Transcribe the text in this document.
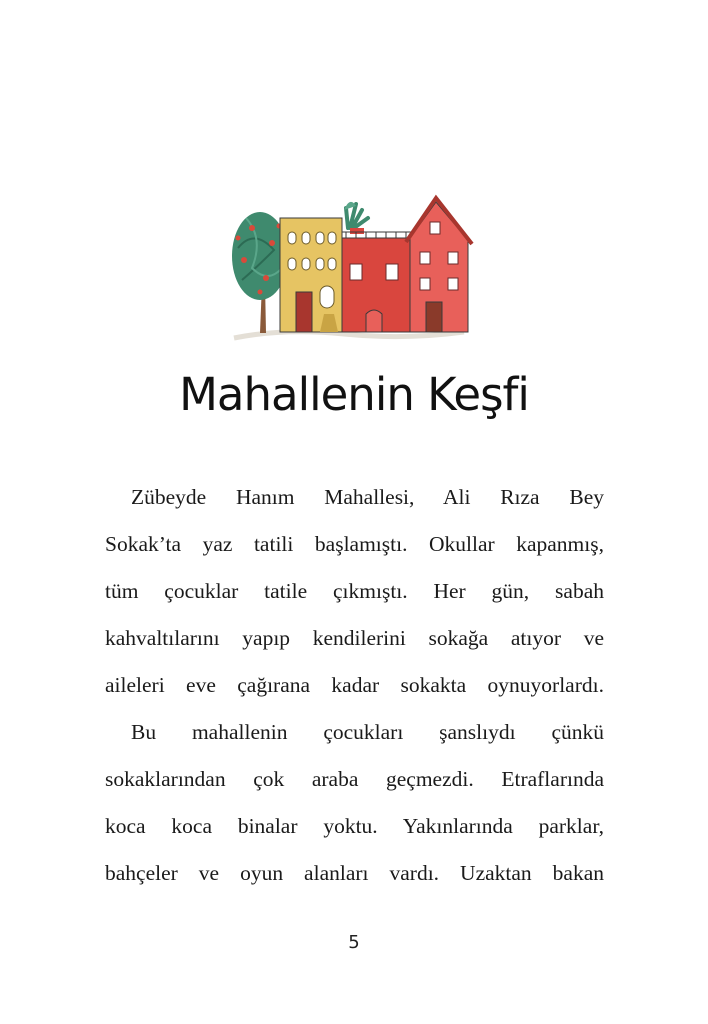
Mahallenin Keşfi

Zübeyde Hanım Mahallesi, Ali Rıza Bey

Sokak’ta yaz tatili başlamıştı. Okullar kapanmış,

tüm çocuklar tatile çıkmıştı. Her gün, sabah

kahvaltılarını yapıp kendilerini sokağa atıyor ve

aileleri eve çağırana kadar sokakta oynuyorlardı.

Bu mahallenin çocukları şanslıydı çünkü

sokaklarından çok araba geçmezdi. Etraflarında

koca koca binalar yoktu. Yakınlarında parklar,

bahçeler ve oyun alanları vardı. Uzaktan bakan

5
